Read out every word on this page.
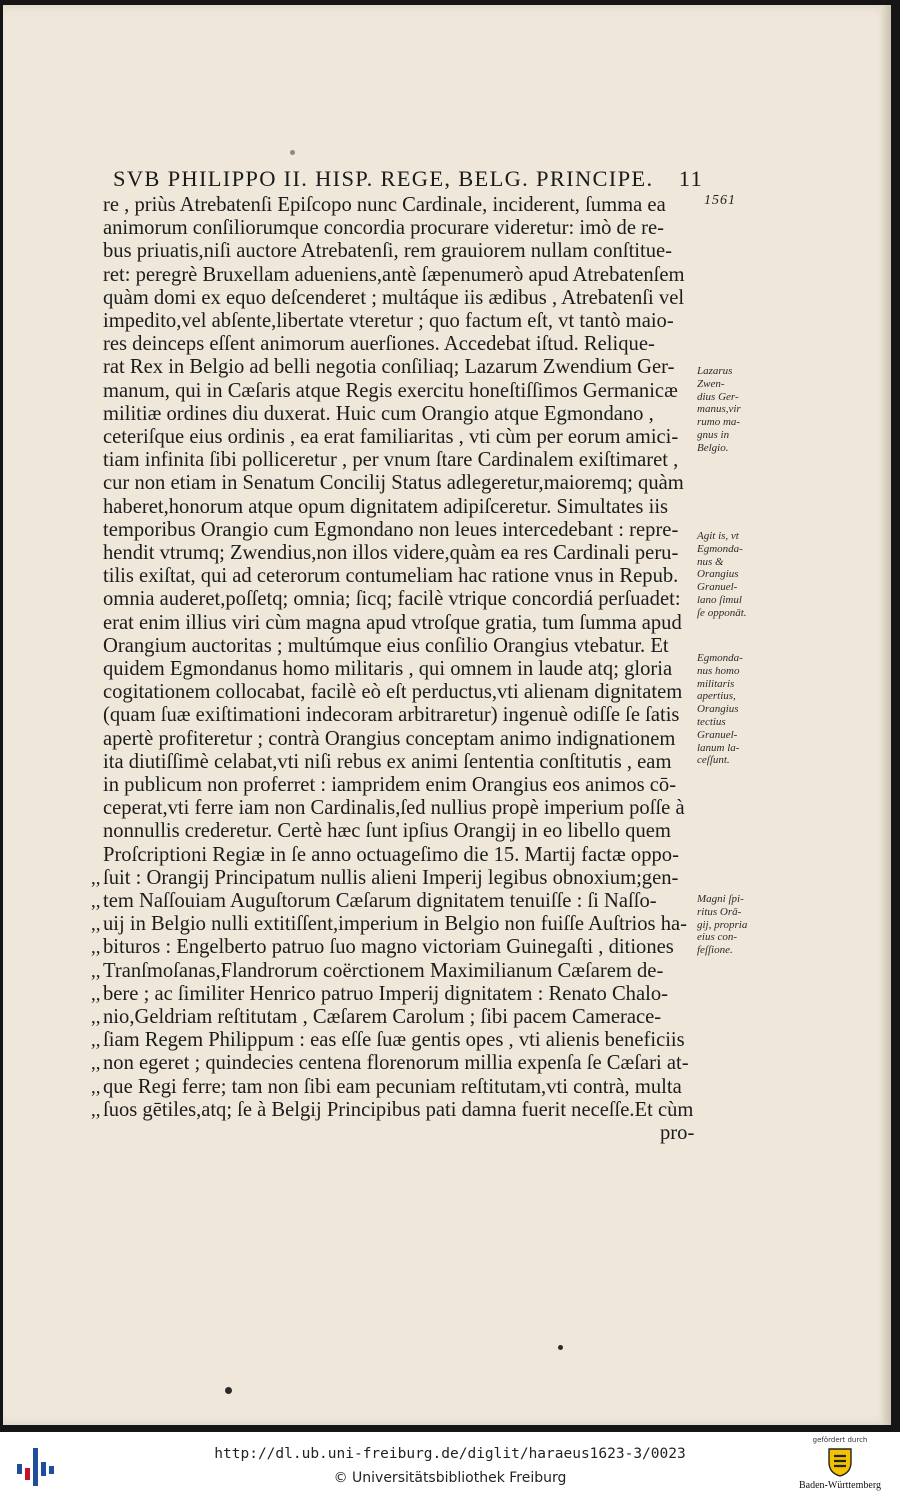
SVB PHILIPPO II. HISP. REGE, BELG. PRINCIPE. 11
1561
re , priùs Atrebatenſi Epiſcopo nunc Cardinale, inciderent, ſumma ea
animorum conſiliorumque concordia procurare videretur: imò de re-
bus priuatis,niſi auctore Atrebatenſi, rem grauiorem nullam conſtitue-
ret: peregrè Bruxellam adueniens,antè ſæpenumerò apud Atrebatenſem
quàm domi ex equo deſcenderet ; multáque iis ædibus , Atrebatenſi vel
impedito,vel abſente,libertate vteretur ; quo factum eſt, vt tantò maio-
res deinceps eſſent animorum auerſiones. Accedebat iſtud. Relique-
rat Rex in Belgio ad belli negotia conſiliaq; Lazarum Zwendium Ger-
manum, qui in Cæſaris atque Regis exercitu honeſtiſſimos Germanicæ
militiæ ordines diu duxerat. Huic cum Orangio atque Egmondano ,
ceteriſque eius ordinis , ea erat familiaritas , vti cùm per eorum amici-
tiam infinita ſibi polliceretur , per vnum ſtare Cardinalem exiſtimaret ,
cur non etiam in Senatum Concilij Status adlegeretur,maioremq; quàm
haberet,honorum atque opum dignitatem adipiſceretur. Simultates iis
temporibus Orangio cum Egmondano non leues intercedebant : repre-
hendit vtrumq; Zwendius,non illos videre,quàm ea res Cardinali peru-
tilis exiſtat, qui ad ceterorum contumeliam hac ratione vnus in Repub.
omnia auderet,poſſetq; omnia; ſicq; facilè vtrique concordiá perſuadet:
erat enim illius viri cùm magna apud vtroſque gratia, tum ſumma apud
Orangium auctoritas ; multúmque eius conſilio Orangius vtebatur. Et
quidem Egmondanus homo militaris , qui omnem in laude atq; gloria
cogitationem collocabat, facilè eò eſt perductus,vti alienam dignitatem
(quam ſuæ exiſtimationi indecoram arbitraretur) ingenuè odiſſe ſe ſatis
apertè profiteretur ; contrà Orangius conceptam animo indignationem
ita diutiſſimè celabat,vti niſi rebus ex animi ſententia conſtitutis , eam
in publicum non proferret : iampridem enim Orangius eos animos cō-
ceperat,vti ferre iam non Cardinalis,ſed nullius propè imperium poſſe à
nonnullis crederetur. Certè hæc ſunt ipſius Orangij in eo libello quem
Proſcriptioni Regiæ in ſe anno octuageſimo die 15. Martij factæ oppo-
,, ſuit : Orangij Principatum nullis alieni Imperij legibus obnoxium;gen-
,, tem Naſſouiam Auguſtorum Cæſarum dignitatem tenuiſſe : ſi Naſſo-
,, uij in Belgio nulli extitiſſent,imperium in Belgio non fuiſſe Auſtrios ha-
,, bituros : Engelberto patruo ſuo magno victoriam Guinegaſti , ditiones
,, Tranſmoſanas,Flandrorum coërctionem Maximilianum Cæſarem de-
,, bere ; ac ſimiliter Henrico patruo Imperij dignitatem : Renato Chalo-
,, nio,Geldriam reſtitutam , Cæſarem Carolum ; ſibi pacem Camerace-
,, ſiam Regem Philippum : eas eſſe ſuæ gentis opes , vti alienis beneficiis
,, non egeret ; quindecies centena florenorum millia expenſa ſe Cæſari at-
,, que Regi ferre; tam non ſibi eam pecuniam reſtitutam,vti contrà, multa
,, ſuos gētiles,atq; ſe à Belgij Principibus pati damna fuerit neceſſe.Et cùm
pro-
Lazarus
Zwen-
dius Ger-
manus,vir
rumo ma-
gnus in
Belgio.
Agit is, vt
Egmonda-
nus &
Orangius
Granuel-
lano ſimul
ſe opponāt.
Egmonda-
nus homo
militaris
apertius,
Orangius
tectius
Granuel-
lanum la-
ceſſunt.
Magni ſpi-
ritus Orā-
gij, propria
eius con-
feſſione.
http://dl.ub.uni-freiburg.de/diglit/haraeus1623-3/0023
© Universitätsbibliothek Freiburg
gefördert durch
Baden-Württemberg
